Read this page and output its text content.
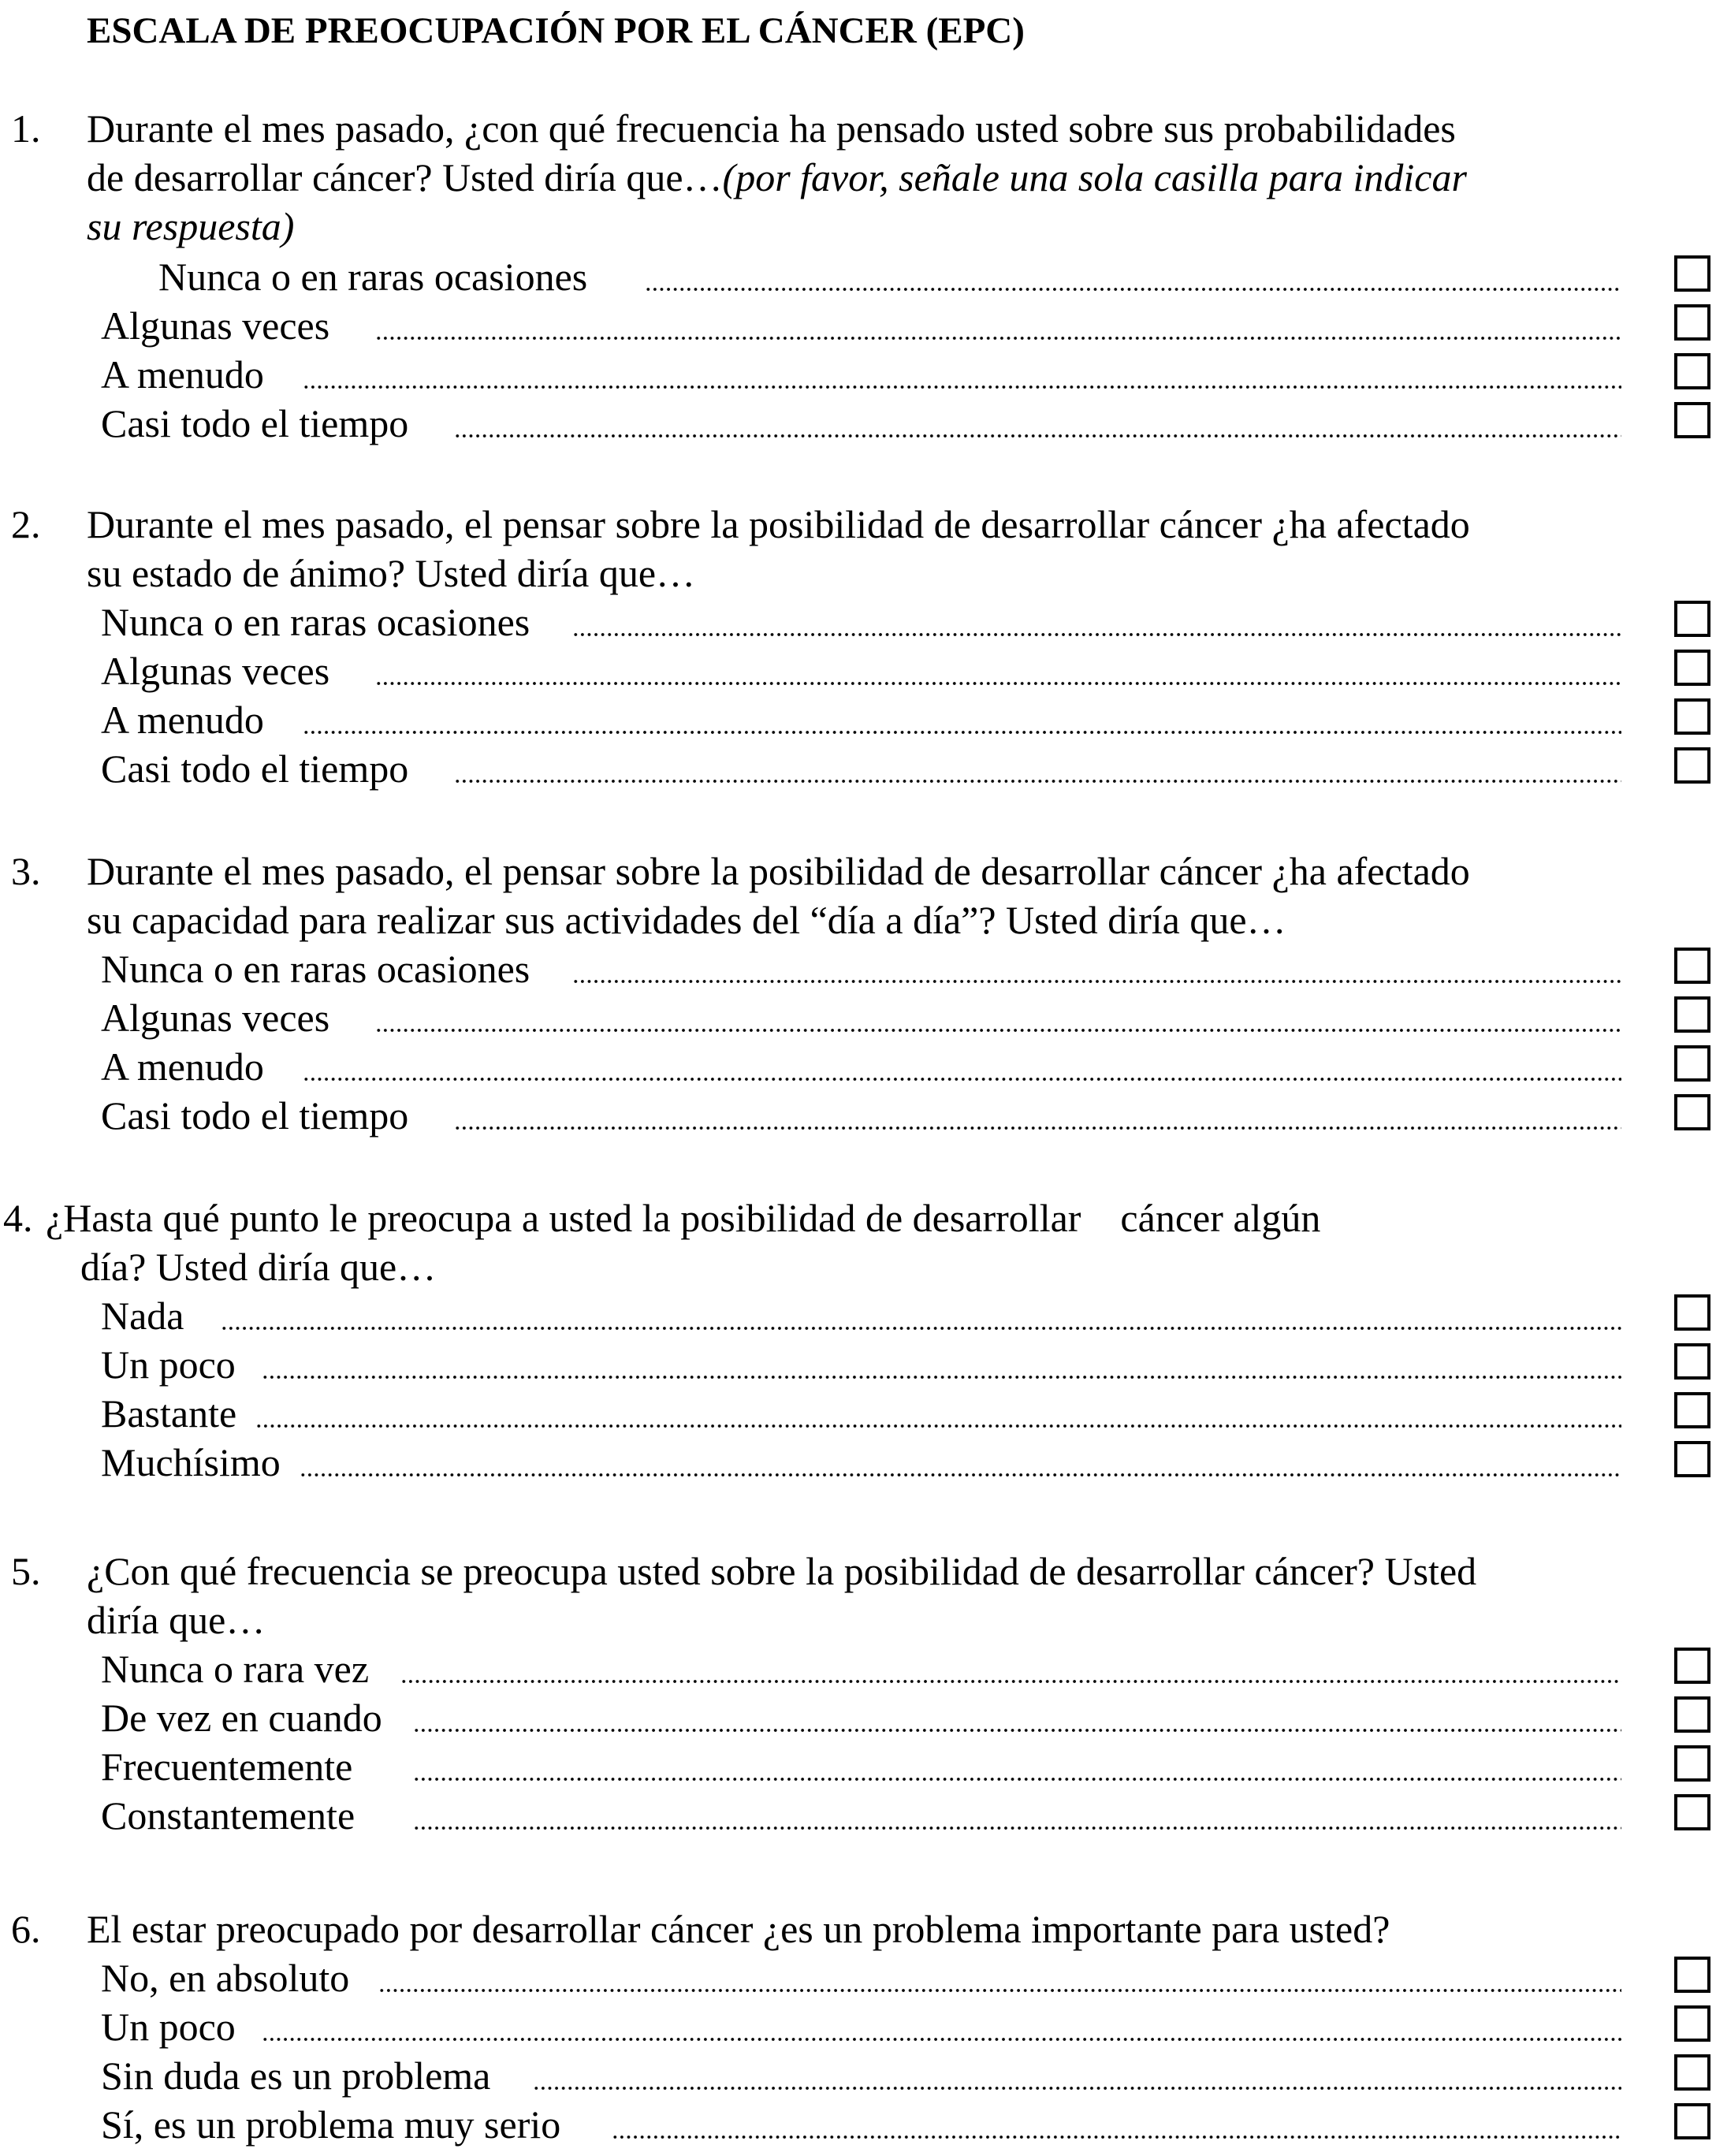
ESCALA DE PREOCUPACIÓN POR EL CÁNCER (EPC)
1. Durante el mes pasado, ¿con qué frecuencia ha pensado usted sobre sus probabilidades
de desarrollar cáncer? Usted diría que…(por favor, señale una sola casilla para indicar
su respuesta)
Nunca o en raras ocasiones
Algunas veces
A menudo
Casi todo el tiempo
2. Durante el mes pasado, el pensar sobre la posibilidad de desarrollar cáncer ¿ha afectado
su estado de ánimo? Usted diría que…
Nunca o en raras ocasiones
Algunas veces
A menudo
Casi todo el tiempo
3. Durante el mes pasado, el pensar sobre la posibilidad de desarrollar cáncer ¿ha afectado
su capacidad para realizar sus actividades del “día a día”? Usted diría que…
Nunca o en raras ocasiones
Algunas veces
A menudo
Casi todo el tiempo
4. ¿Hasta qué punto le preocupa a usted la posibilidad de desarrollar    cáncer algún
día? Usted diría que…
Nada
Un poco
Bastante
Muchísimo
5. ¿Con qué frecuencia se preocupa usted sobre la posibilidad de desarrollar cáncer? Usted
diría que…
Nunca o rara vez
De vez en cuando
Frecuentemente
Constantemente
6. El estar preocupado por desarrollar cáncer ¿es un problema importante para usted?
No, en absoluto
Un poco
Sin duda es un problema
Sí, es un problema muy serio
